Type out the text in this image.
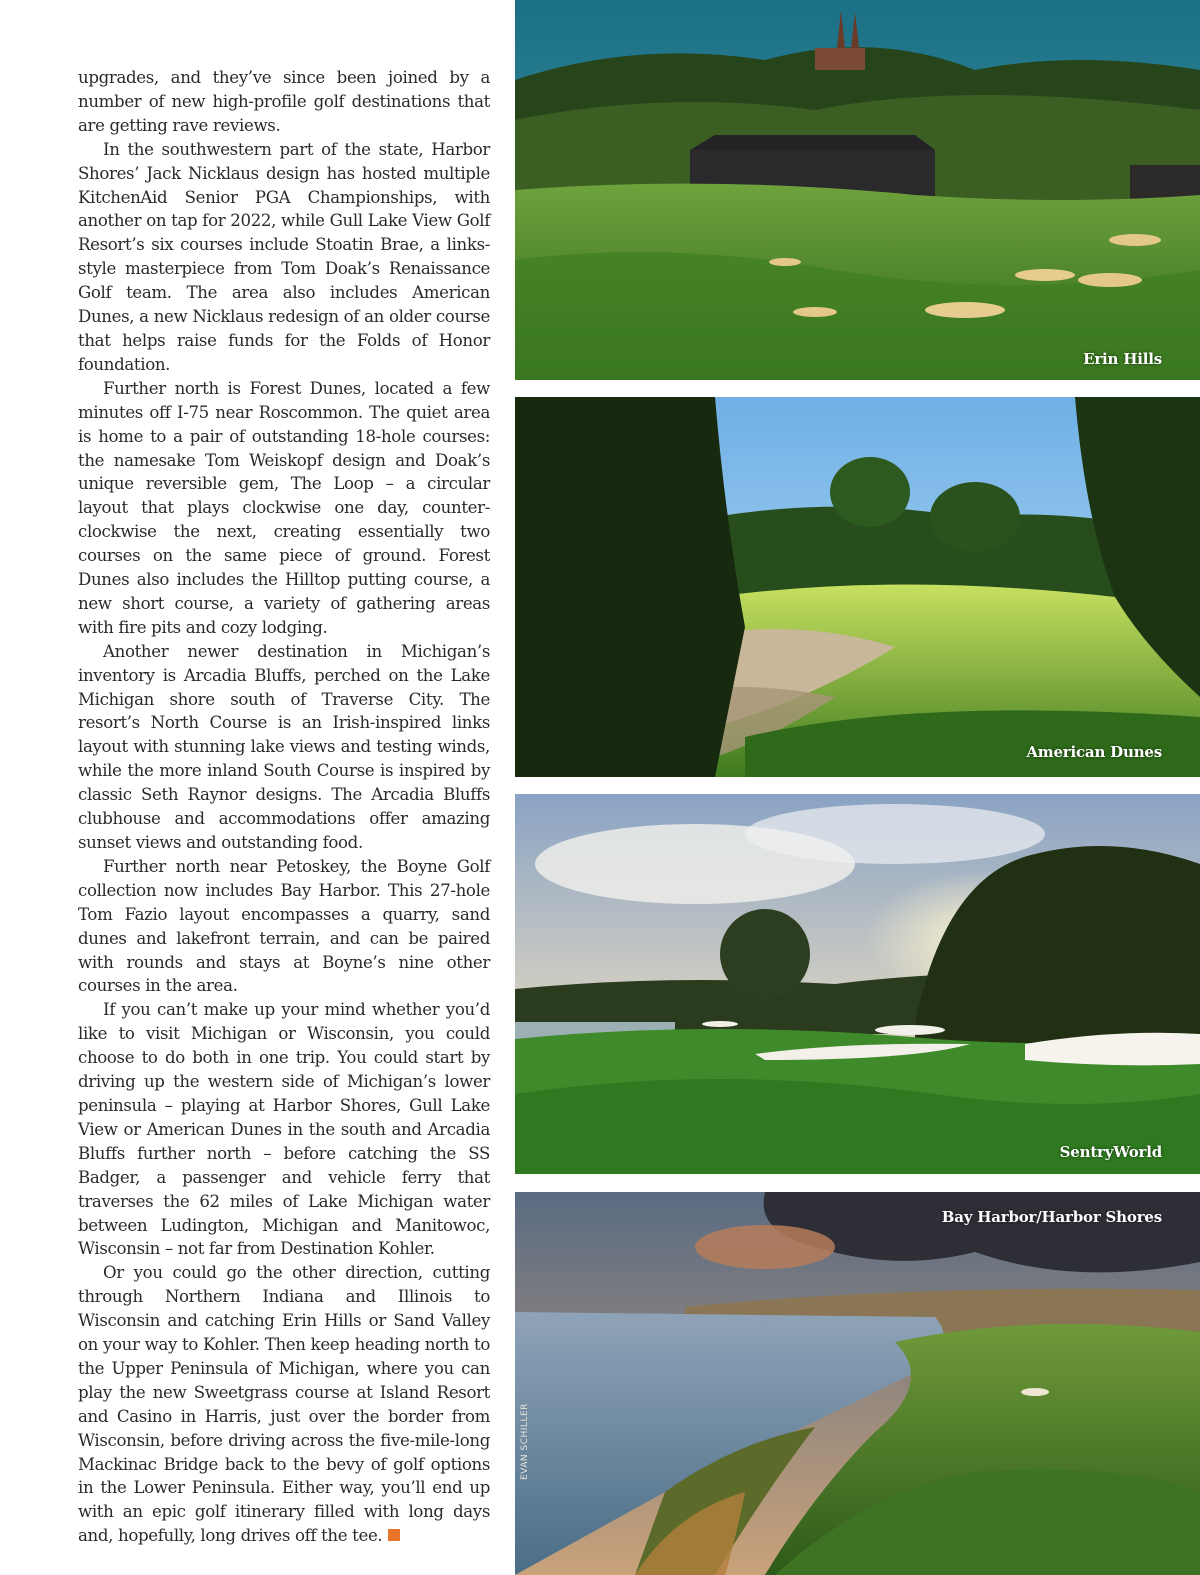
upgrades, and they’ve since been joined by a number of new high-profile golf destinations that are getting rave reviews.

In the southwestern part of the state, Harbor Shores’ Jack Nicklaus design has hosted multiple KitchenAid Senior PGA Championships, with another on tap for 2022, while Gull Lake View Golf Resort’s six courses include Stoatin Brae, a links-style masterpiece from Tom Doak’s Renaissance Golf team. The area also includes American Dunes, a new Nicklaus redesign of an older course that helps raise funds for the Folds of Honor foundation.

Further north is Forest Dunes, located a few minutes off I-75 near Roscommon. The quiet area is home to a pair of outstanding 18-hole courses: the namesake Tom Weiskopf design and Doak’s unique reversible gem, The Loop – a circular layout that plays clockwise one day, counter-clockwise the next, creating essentially two courses on the same piece of ground. Forest Dunes also includes the Hilltop putting course, a new short course, a variety of gathering areas with fire pits and cozy lodging.

Another newer destination in Michigan’s inventory is Arcadia Bluffs, perched on the Lake Michigan shore south of Traverse City. The resort’s North Course is an Irish-inspired links layout with stunning lake views and testing winds, while the more inland South Course is inspired by classic Seth Raynor designs. The Arcadia Bluffs clubhouse and accommodations offer amazing sunset views and outstanding food.

Further north near Petoskey, the Boyne Golf collection now includes Bay Harbor. This 27-hole Tom Fazio layout encompasses a quarry, sand dunes and lakefront terrain, and can be paired with rounds and stays at Boyne’s nine other courses in the area.

If you can’t make up your mind whether you’d like to visit Michigan or Wisconsin, you could choose to do both in one trip. You could start by driving up the western side of Michigan’s lower peninsula – playing at Harbor Shores, Gull Lake View or American Dunes in the south and Arcadia Bluffs further north – before catching the SS Badger, a passenger and vehicle ferry that traverses the 62 miles of Lake Michigan water between Ludington, Michigan and Manitowoc, Wisconsin – not far from Destination Kohler.

Or you could go the other direction, cutting through Northern Indiana and Illinois to Wisconsin and catching Erin Hills or Sand Valley on your way to Kohler. Then keep heading north to the Upper Peninsula of Michigan, where you can play the new Sweetgrass course at Island Resort and Casino in Harris, just over the border from Wisconsin, before driving across the five-mile-long Mackinac Bridge back to the bevy of golf options in the Lower Peninsula. Either way, you’ll end up with an epic golf itinerary filled with long days and, hopefully, long drives off the tee.

Erin Hills
American Dunes
SentryWorld
Bay Harbor/Harbor Shores
EVAN SCHILLER
